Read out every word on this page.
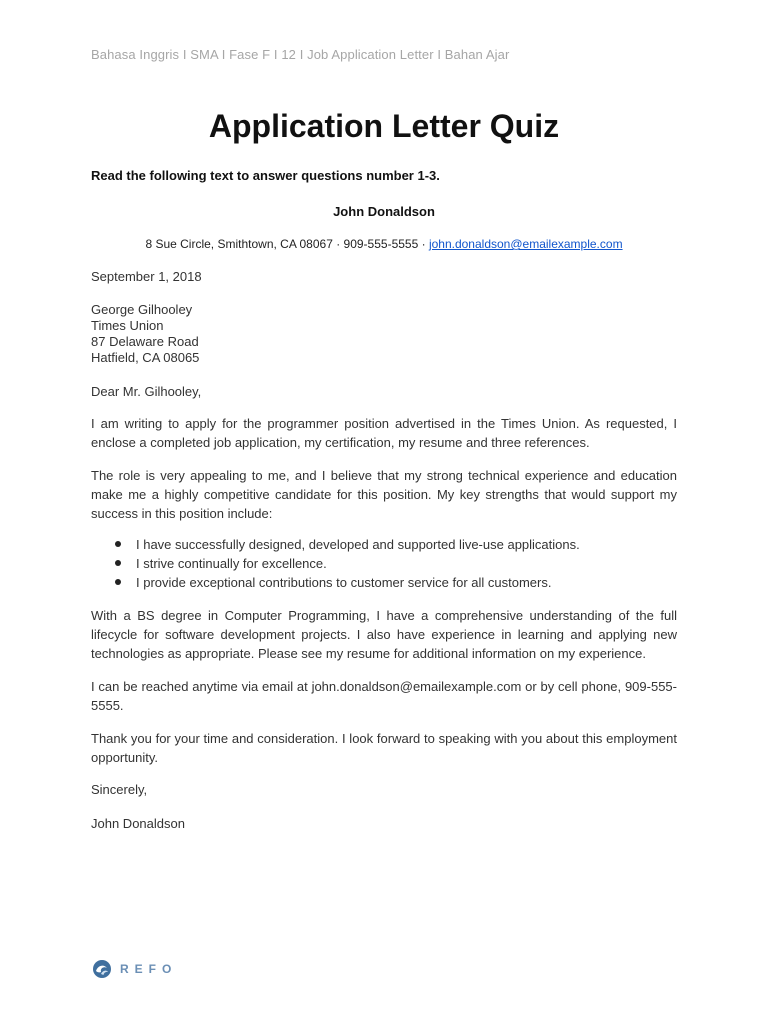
Bahasa Inggris I SMA I Fase F I 12 I Job Application Letter I Bahan Ajar
Application Letter Quiz
Read the following text to answer questions number 1-3.
John Donaldson
8 Sue Circle, Smithtown, CA 08067 · 909-555-5555 · john.donaldson@emailexample.com

September 1, 2018

George Gilhooley
Times Union
87 Delaware Road
Hatfield, CA 08065

Dear Mr. Gilhooley,

I am writing to apply for the programmer position advertised in the Times Union. As requested, I enclose a completed job application, my certification, my resume and three references.

The role is very appealing to me, and I believe that my strong technical experience and education make me a highly competitive candidate for this position. My key strengths that would support my success in this position include:

I have successfully designed, developed and supported live-use applications.
I strive continually for excellence.
I provide exceptional contributions to customer service for all customers.

With a BS degree in Computer Programming, I have a comprehensive understanding of the full lifecycle for software development projects. I also have experience in learning and applying new technologies as appropriate. Please see my resume for additional information on my experience.

I can be reached anytime via email at john.donaldson@emailexample.com or by cell phone, 909-555-5555.

Thank you for your time and consideration. I look forward to speaking with you about this employment opportunity.

Sincerely,

John Donaldson

REFO
